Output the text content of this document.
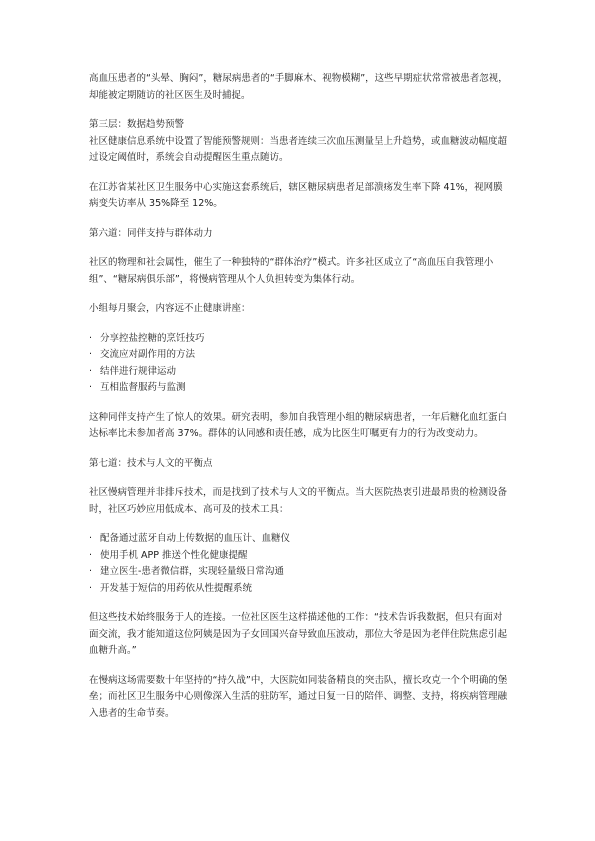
高血压患者的“头晕、胸闷”，糖尿病患者的“手脚麻木、视物模糊”，这些早期症状常常被患者忽视，却能被定期随访的社区医生及时捕捉。

第三层：数据趋势预警
社区健康信息系统中设置了智能预警规则：当患者连续三次血压测量呈上升趋势，或血糖波动幅度超过设定阈值时，系统会自动提醒医生重点随访。

在江苏省某社区卫生服务中心实施这套系统后，辖区糖尿病患者足部溃疡发生率下降 41%，视网膜病变失访率从 35%降至 12%。

第六道：同伴支持与群体动力

社区的物理和社会属性，催生了一种独特的“群体治疗”模式。许多社区成立了“高血压自我管理小组”、“糖尿病俱乐部”，将慢病管理从个人负担转变为集体行动。

小组每月聚会，内容远不止健康讲座：

· 分享控盐控糖的烹饪技巧
· 交流应对副作用的方法
· 结伴进行规律运动
· 互相监督服药与监测

这种同伴支持产生了惊人的效果。研究表明，参加自我管理小组的糖尿病患者，一年后糖化血红蛋白达标率比未参加者高 37%。群体的认同感和责任感，成为比医生叮嘱更有力的行为改变动力。

第七道：技术与人文的平衡点

社区慢病管理并非排斥技术，而是找到了技术与人文的平衡点。当大医院热衷引进最昂贵的检测设备时，社区巧妙应用低成本、高可及的技术工具：

· 配备通过蓝牙自动上传数据的血压计、血糖仪
· 使用手机 APP 推送个性化健康提醒
· 建立医生-患者微信群，实现轻量级日常沟通
· 开发基于短信的用药依从性提醒系统

但这些技术始终服务于人的连接。一位社区医生这样描述他的工作：“技术告诉我数据，但只有面对面交流，我才能知道这位阿姨是因为子女回国兴奋导致血压波动，那位大爷是因为老伴住院焦虑引起血糖升高。”

在慢病这场需要数十年坚持的“持久战”中，大医院如同装备精良的突击队，擅长攻克一个个明确的堡垒；而社区卫生服务中心则像深入生活的驻防军，通过日复一日的陪伴、调整、支持，将疾病管理融入患者的生命节奏。
